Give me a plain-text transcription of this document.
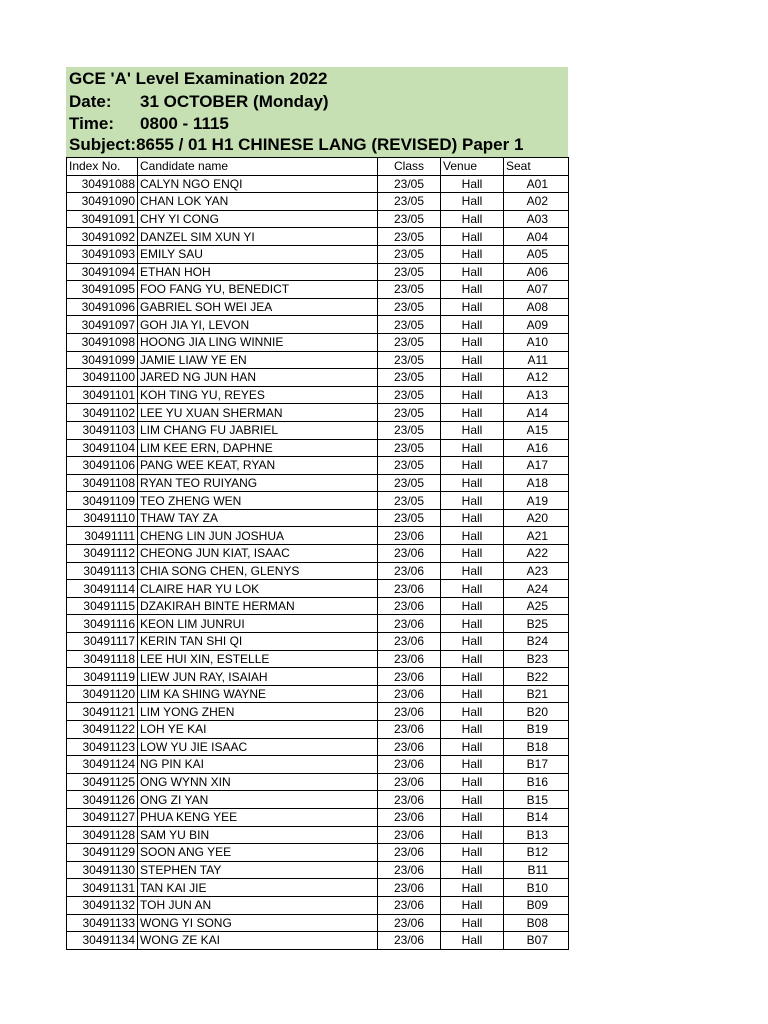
GCE 'A' Level Examination 2022
Date: 31 OCTOBER (Monday)
Time: 0800 - 1115
Subject:8655 / 01 H1 CHINESE LANG (REVISED) Paper 1
Index No.	Candidate name	Class	Venue	Seat
30491088	CALYN NGO ENQI	23/05	Hall	A01
30491090	CHAN LOK YAN	23/05	Hall	A02
30491091	CHY YI CONG	23/05	Hall	A03
30491092	DANZEL SIM XUN YI	23/05	Hall	A04
30491093	EMILY SAU	23/05	Hall	A05
30491094	ETHAN HOH	23/05	Hall	A06
30491095	FOO FANG YU, BENEDICT	23/05	Hall	A07
30491096	GABRIEL SOH WEI JEA	23/05	Hall	A08
30491097	GOH JIA YI, LEVON	23/05	Hall	A09
30491098	HOONG JIA LING WINNIE	23/05	Hall	A10
30491099	JAMIE LIAW YE EN	23/05	Hall	A11
30491100	JARED NG JUN HAN	23/05	Hall	A12
30491101	KOH TING YU, REYES	23/05	Hall	A13
30491102	LEE YU XUAN SHERMAN	23/05	Hall	A14
30491103	LIM CHANG FU JABRIEL	23/05	Hall	A15
30491104	LIM KEE ERN, DAPHNE	23/05	Hall	A16
30491106	PANG WEE KEAT, RYAN	23/05	Hall	A17
30491108	RYAN TEO RUIYANG	23/05	Hall	A18
30491109	TEO ZHENG WEN	23/05	Hall	A19
30491110	THAW TAY ZA	23/05	Hall	A20
30491111	CHENG LIN JUN JOSHUA	23/06	Hall	A21
30491112	CHEONG JUN KIAT, ISAAC	23/06	Hall	A22
30491113	CHIA SONG CHEN, GLENYS	23/06	Hall	A23
30491114	CLAIRE HAR YU LOK	23/06	Hall	A24
30491115	DZAKIRAH BINTE HERMAN	23/06	Hall	A25
30491116	KEON LIM JUNRUI	23/06	Hall	B25
30491117	KERIN TAN SHI QI	23/06	Hall	B24
30491118	LEE HUI XIN, ESTELLE	23/06	Hall	B23
30491119	LIEW JUN RAY, ISAIAH	23/06	Hall	B22
30491120	LIM KA SHING WAYNE	23/06	Hall	B21
30491121	LIM YONG ZHEN	23/06	Hall	B20
30491122	LOH YE KAI	23/06	Hall	B19
30491123	LOW YU JIE ISAAC	23/06	Hall	B18
30491124	NG PIN KAI	23/06	Hall	B17
30491125	ONG WYNN XIN	23/06	Hall	B16
30491126	ONG ZI YAN	23/06	Hall	B15
30491127	PHUA KENG YEE	23/06	Hall	B14
30491128	SAM YU BIN	23/06	Hall	B13
30491129	SOON ANG YEE	23/06	Hall	B12
30491130	STEPHEN TAY	23/06	Hall	B11
30491131	TAN KAI JIE	23/06	Hall	B10
30491132	TOH JUN AN	23/06	Hall	B09
30491133	WONG YI SONG	23/06	Hall	B08
30491134	WONG ZE KAI	23/06	Hall	B07
